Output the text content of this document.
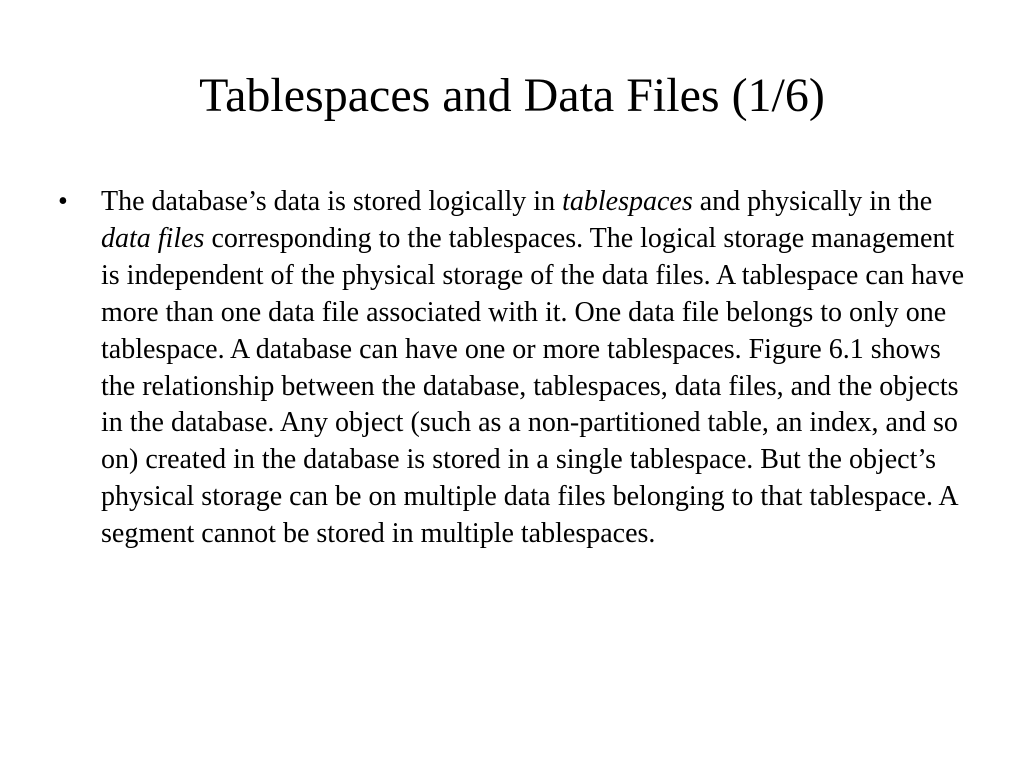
Tablespaces and Data Files (1/6)
•	The database’s data is stored logically in tablespaces and physically in the data files corresponding to the tablespaces. The logical storage management is independent of the physical storage of the data files. A tablespace can have more than one data file associated with it. One data file belongs to only one tablespace. A database can have one or more tablespaces. Figure 6.1 shows the relationship between the database, tablespaces, data files, and the objects in the database. Any object (such as a non-partitioned table, an index, and so on) created in the database is stored in a single tablespace. But the object’s physical storage can be on multiple data files belonging to that tablespace. A segment cannot be stored in multiple tablespaces.
